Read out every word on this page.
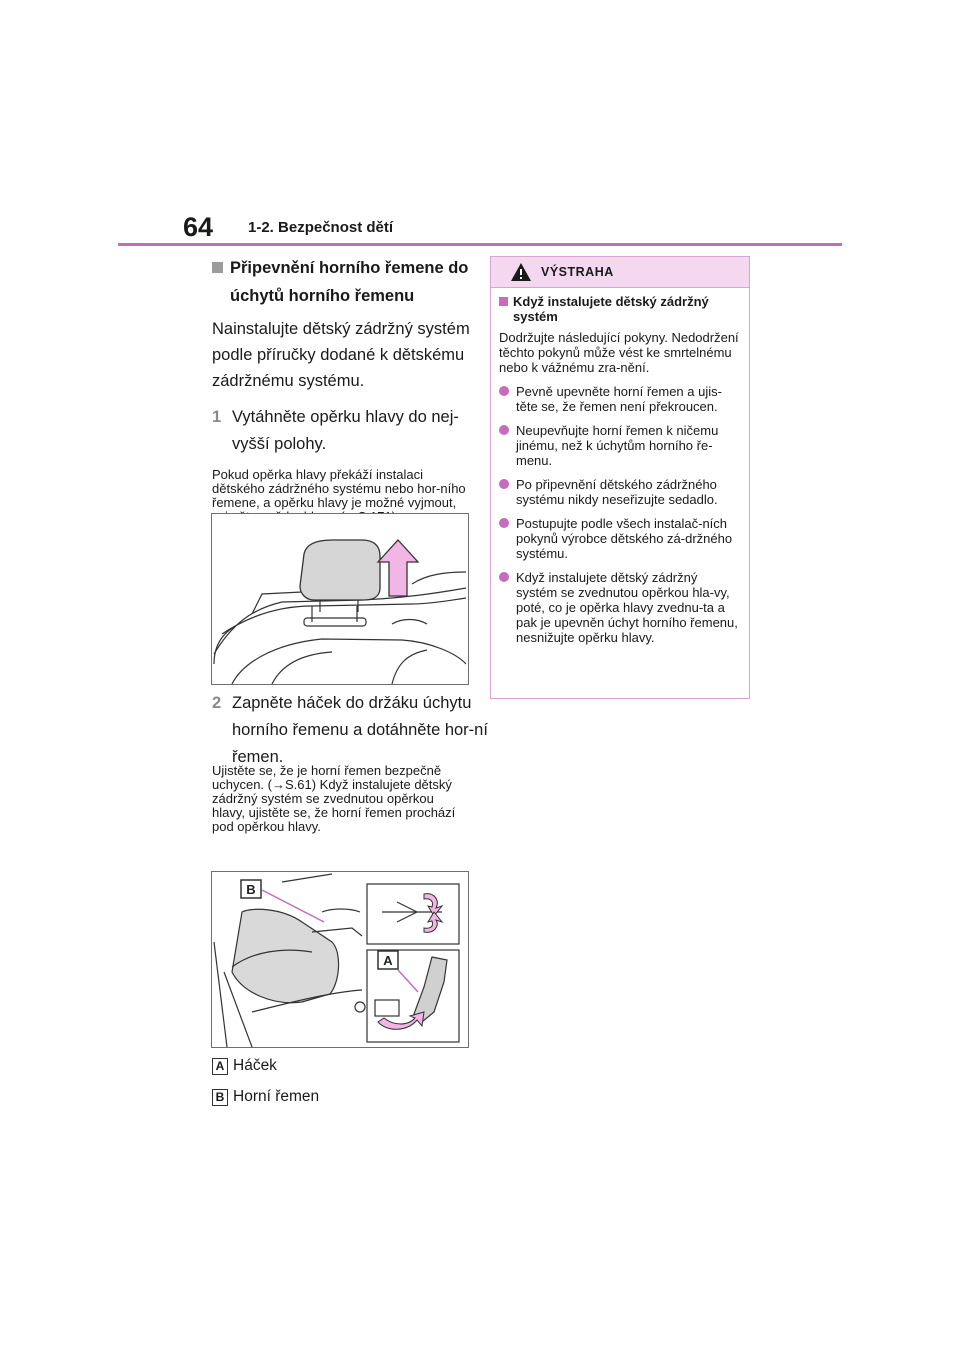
64 1-2. Bezpečnost dětí

Připevnění horního řemene do úchytů horního řemenu

Nainstalujte dětský zádržný systém podle příručky dodané k dětskému zádržnému systému.

1 Vytáhněte opěrku hlavy do nej-vyšší polohy.

Pokud opěrka hlavy překáží instalaci dětského zádržného systému nebo hor-ního řemene, a opěrku hlavy je možné vyjmout,

2 Zapněte háček do držáku úchytu horního řemenu a dotáhněte hor-ní řemen.

Ujistěte se, že je horní řemen bezpečně uchycen. (→S.61) Když instalujete dětský zádržný systém se zvednutou opěrkou hlavy, ujistěte se, že horní řemen prochází pod opěrkou hlavy.

B
A
A Háček
B Horní řemen
VÝSTRAHA

Když instalujete dětský zádržný systém

Dodržujte následující pokyny. Nedodržení těchto pokynů může vést ke smrtelnému nebo k vážnému zra-nění.

Pevně upevněte horní řemen a ujis-těte se, že řemen není překroucen.

Neupevňujte horní řemen k ničemu jinému, než k úchytům horního ře-menu.

Po připevnění dětského zádržného systému nikdy neseřizujte sedadlo.

Postupujte podle všech instalač-ních pokynů výrobce dětského zá-držného systému.

Když instalujete dětský zádržný systém se zvednutou opěrkou hla-vy, poté, co je opěrka hlavy zvednu-ta a pak je upevněn úchyt horního řemenu, nesnižujte opěrku hlavy.
